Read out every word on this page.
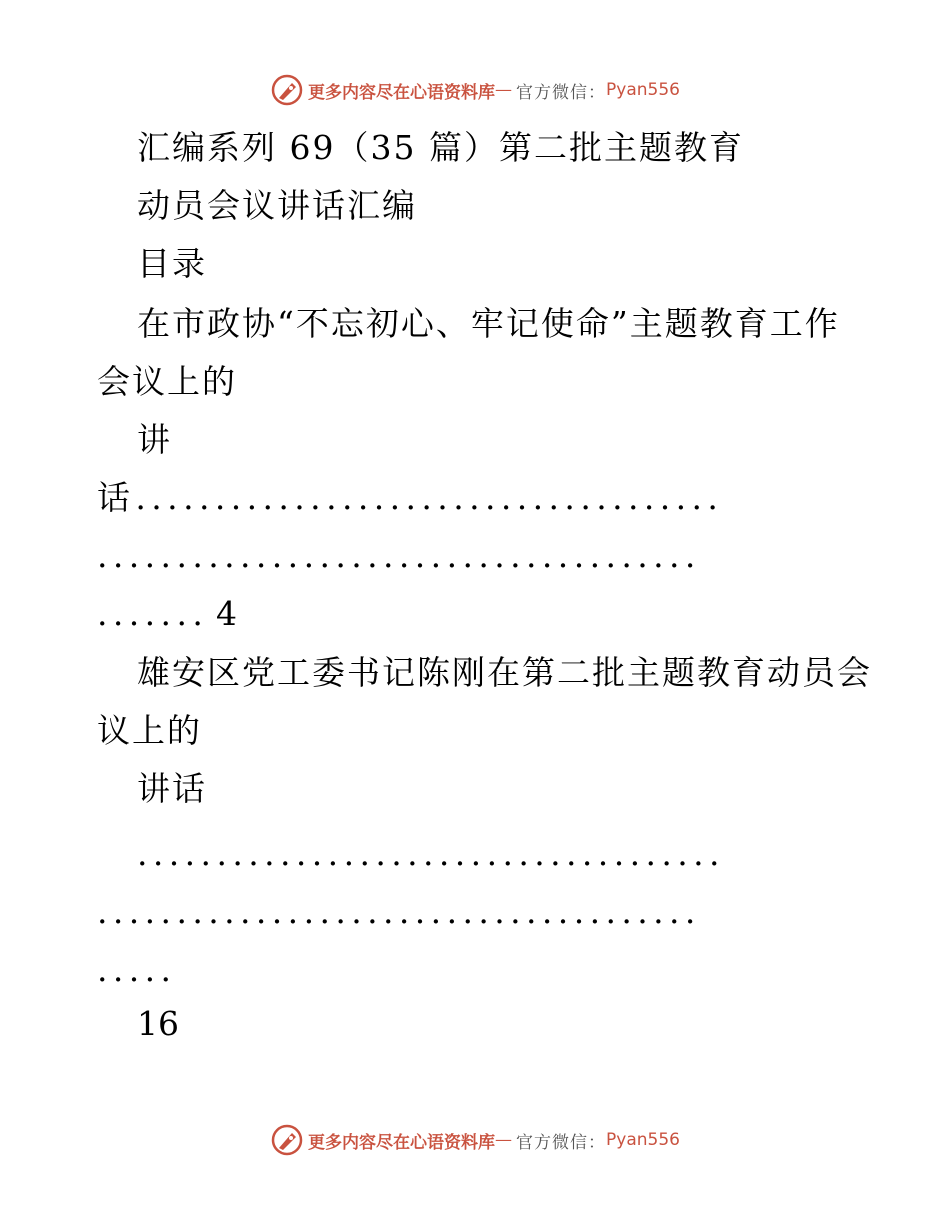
更多内容尽在心语资料库 — 官方微信： Pyan556
汇编系列 69（35 篇）第二批主题教育
动员会议讲话汇编
目录
在市政协“不忘初心、牢记使命”主题教育工作
会议上的
讲
话.....................................
......................................
....... 4
雄安区党工委书记陈刚在第二批主题教育动员会
议上的
讲话
.....................................
......................................
.....
16
更多内容尽在心语资料库 — 官方微信： Pyan556
